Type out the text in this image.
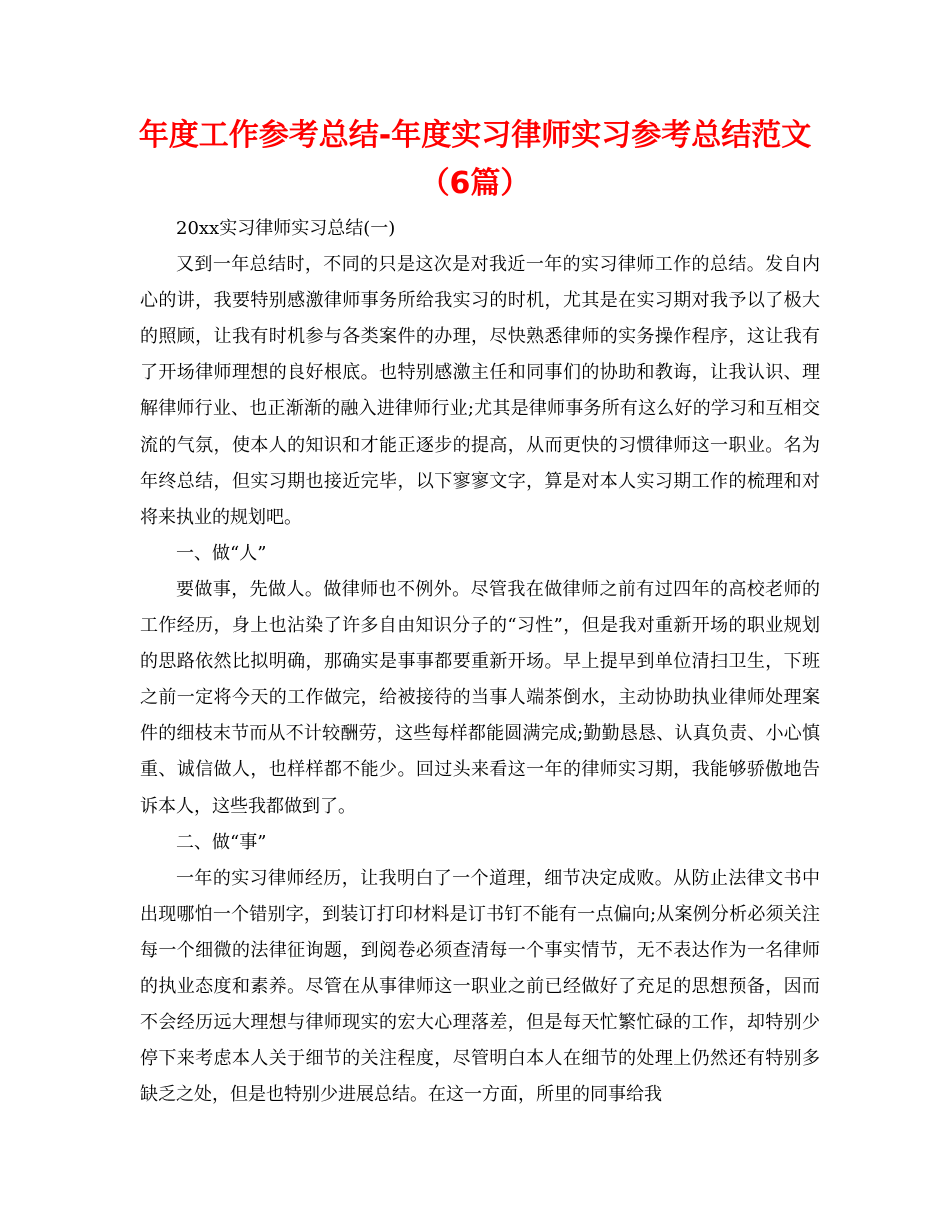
年度工作参考总结-年度实习律师实习参考总结范文（6篇）

20xx实习律师实习总结(一)

又到一年总结时，不同的只是这次是对我近一年的实习律师工作的总结。发自内心的讲，我要特别感激律师事务所给我实习的时机，尤其是在实习期对我予以了极大的照顾，让我有时机参与各类案件的办理，尽快熟悉律师的实务操作程序，这让我有了开场律师理想的良好根底。也特别感激主任和同事们的协助和教诲，让我认识、理解律师行业、也正渐渐的融入进律师行业;尤其是律师事务所有这么好的学习和互相交流的气氛，使本人的知识和才能正逐步的提高，从而更快的习惯律师这一职业。名为年终总结，但实习期也接近完毕，以下寥寥文字，算是对本人实习期工作的梳理和对将来执业的规划吧。

一、做“人”

要做事，先做人。做律师也不例外。尽管我在做律师之前有过四年的高校老师的工作经历，身上也沾染了许多自由知识分子的“习性”，但是我对重新开场的职业规划的思路依然比拟明确，那确实是事事都要重新开场。早上提早到单位清扫卫生，下班之前一定将今天的工作做完，给被接待的当事人端茶倒水，主动协助执业律师处理案件的细枝末节而从不计较酬劳，这些每样都能圆满完成;勤勤恳恳、认真负责、小心慎重、诚信做人，也样样都不能少。回过头来看这一年的律师实习期，我能够骄傲地告诉本人，这些我都做到了。

二、做“事”

一年的实习律师经历，让我明白了一个道理，细节决定成败。从防止法律文书中出现哪怕一个错别字，到装订打印材料是订书钉不能有一点偏向;从案例分析必须关注每一个细微的法律征询题，到阅卷必须查清每一个事实情节，无不表达作为一名律师的执业态度和素养。尽管在从事律师这一职业之前已经做好了充足的思想预备，因而不会经历远大理想与律师现实的宏大心理落差，但是每天忙繁忙碌的工作，却特别少停下来考虑本人关于细节的关注程度，尽管明白本人在细节的处理上仍然还有特别多缺乏之处，但是也特别少进展总结。在这一方面，所里的同事给我
